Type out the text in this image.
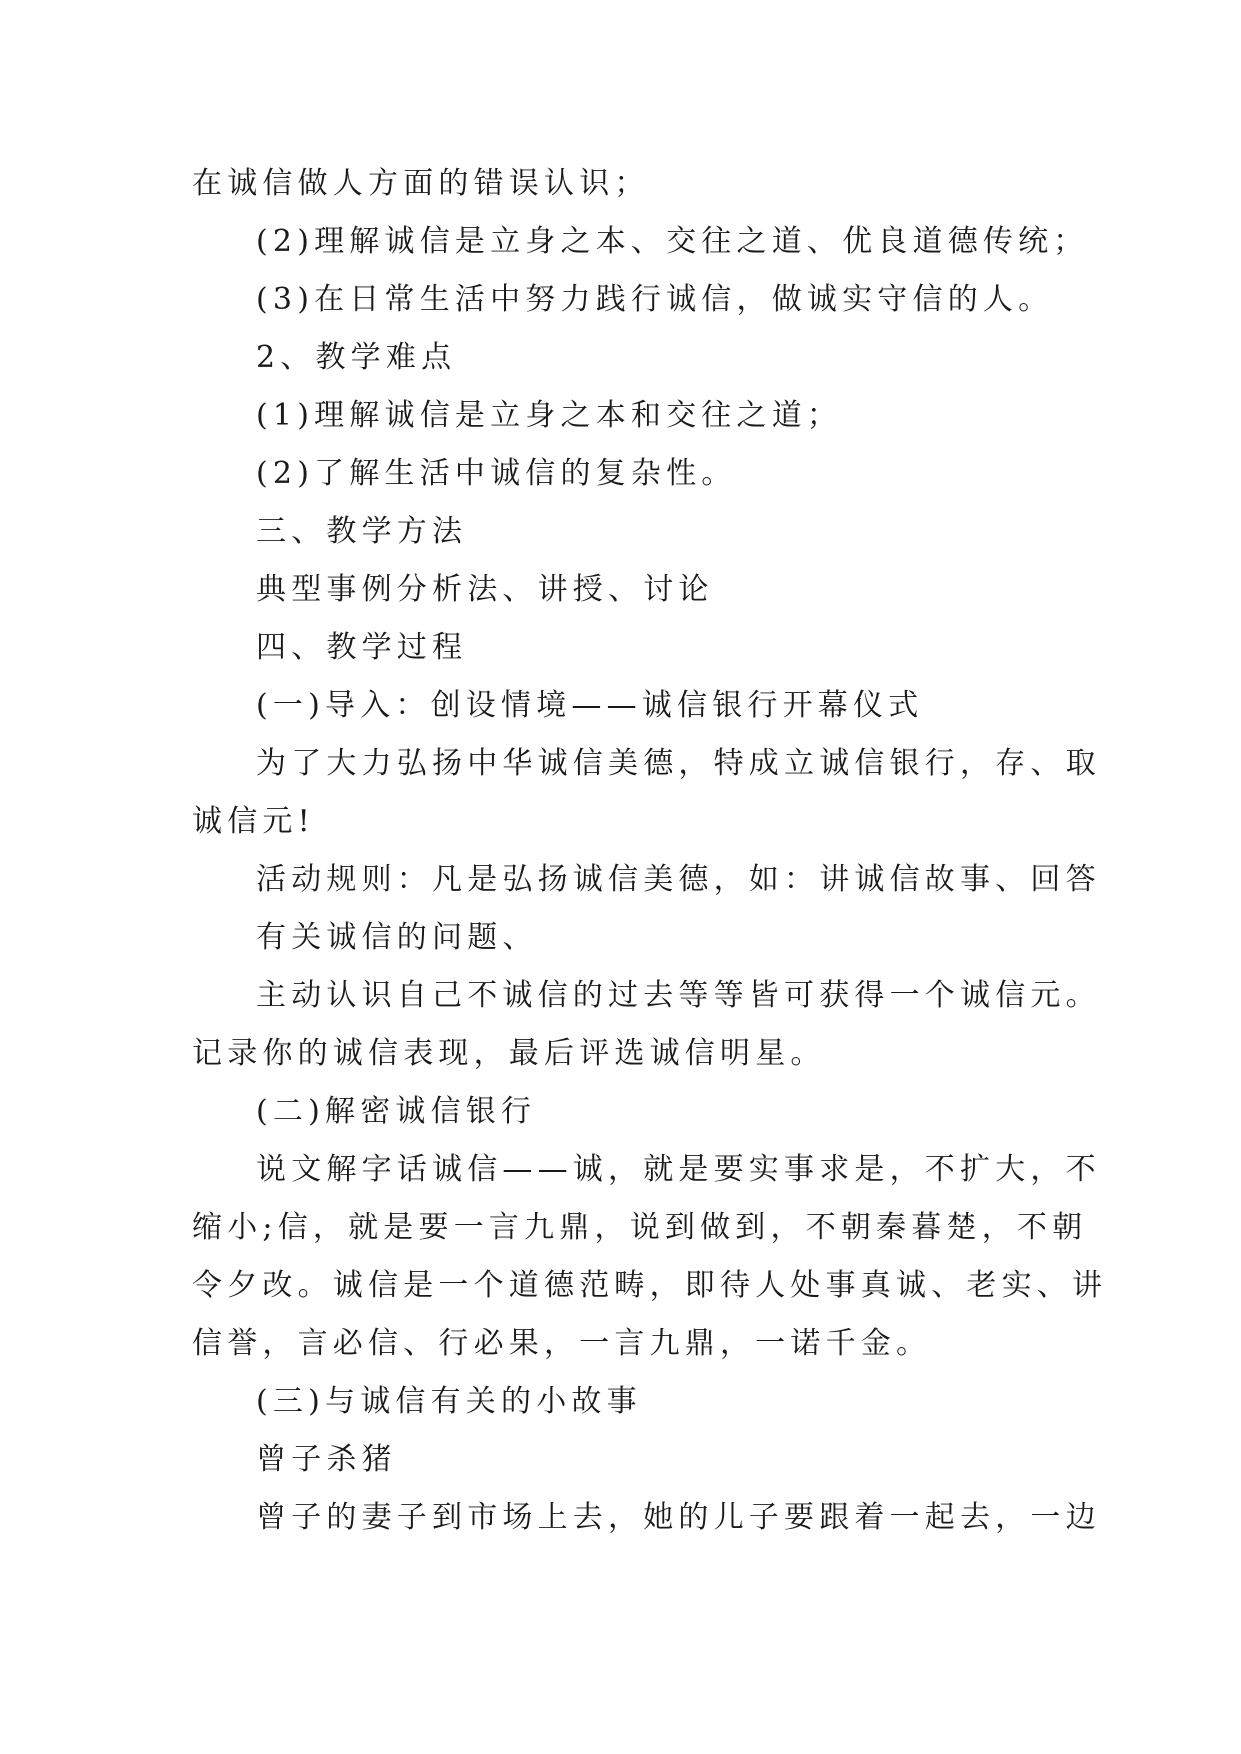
在诚信做人方面的错误认识；
(2)理解诚信是立身之本、交往之道、优良道德传统；
(3)在日常生活中努力践行诚信，做诚实守信的人。
2、教学难点
(1)理解诚信是立身之本和交往之道；
(2)了解生活中诚信的复杂性。
三、教学方法
典型事例分析法、讲授、讨论
四、教学过程
(一)导入：创设情境——诚信银行开幕仪式
为了大力弘扬中华诚信美德，特成立诚信银行，存、取
诚信元!
活动规则：凡是弘扬诚信美德，如：讲诚信故事、回答
有关诚信的问题、
主动认识自己不诚信的过去等等皆可获得一个诚信元。
记录你的诚信表现，最后评选诚信明星。
(二)解密诚信银行
说文解字话诚信——诚，就是要实事求是，不扩大，不
缩小;信，就是要一言九鼎，说到做到，不朝秦暮楚，不朝
令夕改。诚信是一个道德范畴，即待人处事真诚、老实、讲
信誉，言必信、行必果，一言九鼎，一诺千金。
(三)与诚信有关的小故事
曾子杀猪
曾子的妻子到市场上去，她的儿子要跟着一起去，一边
